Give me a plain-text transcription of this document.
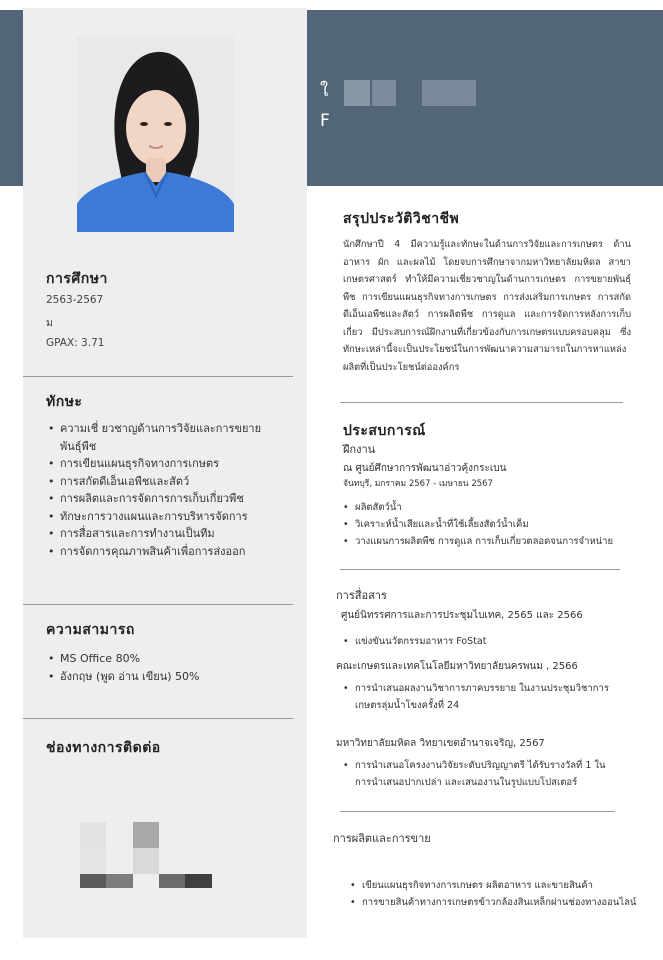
ใ
F
การศึกษา
2563-2567
ม
GPAX: 3.71
ทักษะ
• ความเชี่ ยวชาญด้านการวิจัยและการขยายพันธุ์พืช
• การเขียนแผนธุรกิจทางการเกษตร
• การสกัดดีเอ็นเอพืชและสัตว์
• การผลิตและการจัดการการเก็บเกี่ยวพืช
• ทักษะการวางแผนและการบริหารจัดการ
• การสื่อสารและการทำงานเป็นทีม
• การจัดการคุณภาพสินค้าเพื่อการส่งออก
ความสามารถ
• MS Office 80%
• อังกฤษ (พูด อ่าน เขียน) 50%
ช่องทางการติดต่อ
สรุปประวัติวิชาชีพ
นักศึกษาปี 4 มีความรู้และทักษะในด้านการวิจัยและการเกษตร ด้านอาหาร ผัก และผลไม้ โดยจบการศึกษาจากมหาวิทยาลัยมหิดล สาขาเกษตรศาสตร์ ทำให้มีความเชี่ยวชาญในด้านการเกษตร การขยายพันธุ์พืช การเขียนแผนธุรกิจทางการเกษตร การส่งเสริมการเกษตร การสกัดดีเอ็นเอพืชและสัตว์ การผลิตพืช การดูแล และการจัดการหลังการเก็บเกี่ยว มีประสบการณ์ฝึกงานที่เกี่ยวข้องกับการเกษตรแบบครอบคลุม ซึ่งทักษะเหล่านี้จะเป็นประโยชน์ในการพัฒนาความสามารถในการหาแหล่งผลิตที่เป็นประโยชน์ต่อองค์กร
ประสบการณ์
ฝึกงาน
ณ ศูนย์ศึกษาการพัฒนาอ่าวคุ้งกระเบน
จันทบุรี, มกราคม 2567 - เมษายน 2567
• ผลิตสัตว์น้ำ
• วิเคราะห์น้ำเสียและน้ำที่ใช้เลี้ยงสัตว์น้ำเค็ม
• วางแผนการผลิตพืช การดูแล การเก็บเกี่ยวตลอดจนการจำหน่าย
การสื่อสาร
ศูนย์นิทรรศการและการประชุมไบเทค, 2565 และ 2566
• แข่งขันนวัตกรรมอาหาร FoStat
คณะเกษตรและเทคโนโลยีมหาวิทยาลัยนครพนม , 2566
• การนำเสนอผลงานวิชาการภาคบรรยาย ในงานประชุมวิชาการเกษตรลุ่มน้ำโขงครั้งที่ 24
มหาวิทยาลัยมหิดล วิทยาเขตอำนาจเจริญ, 2567
• การนำเสนอโครงงานวิจัยระดับปริญญาตรี ได้รับรางวัลที่ 1 ในการนำเสนอปากเปล่า และเสนองานในรูปแบบโปสเตอร์
การผลิตและการขาย
• เขียนแผนธุรกิจทางการเกษตร ผลิตอาหาร และขายสินค้า
• การขายสินค้าทางการเกษตรข้าวกล้องสินเหล็กผ่านช่องทางออนไลน์
